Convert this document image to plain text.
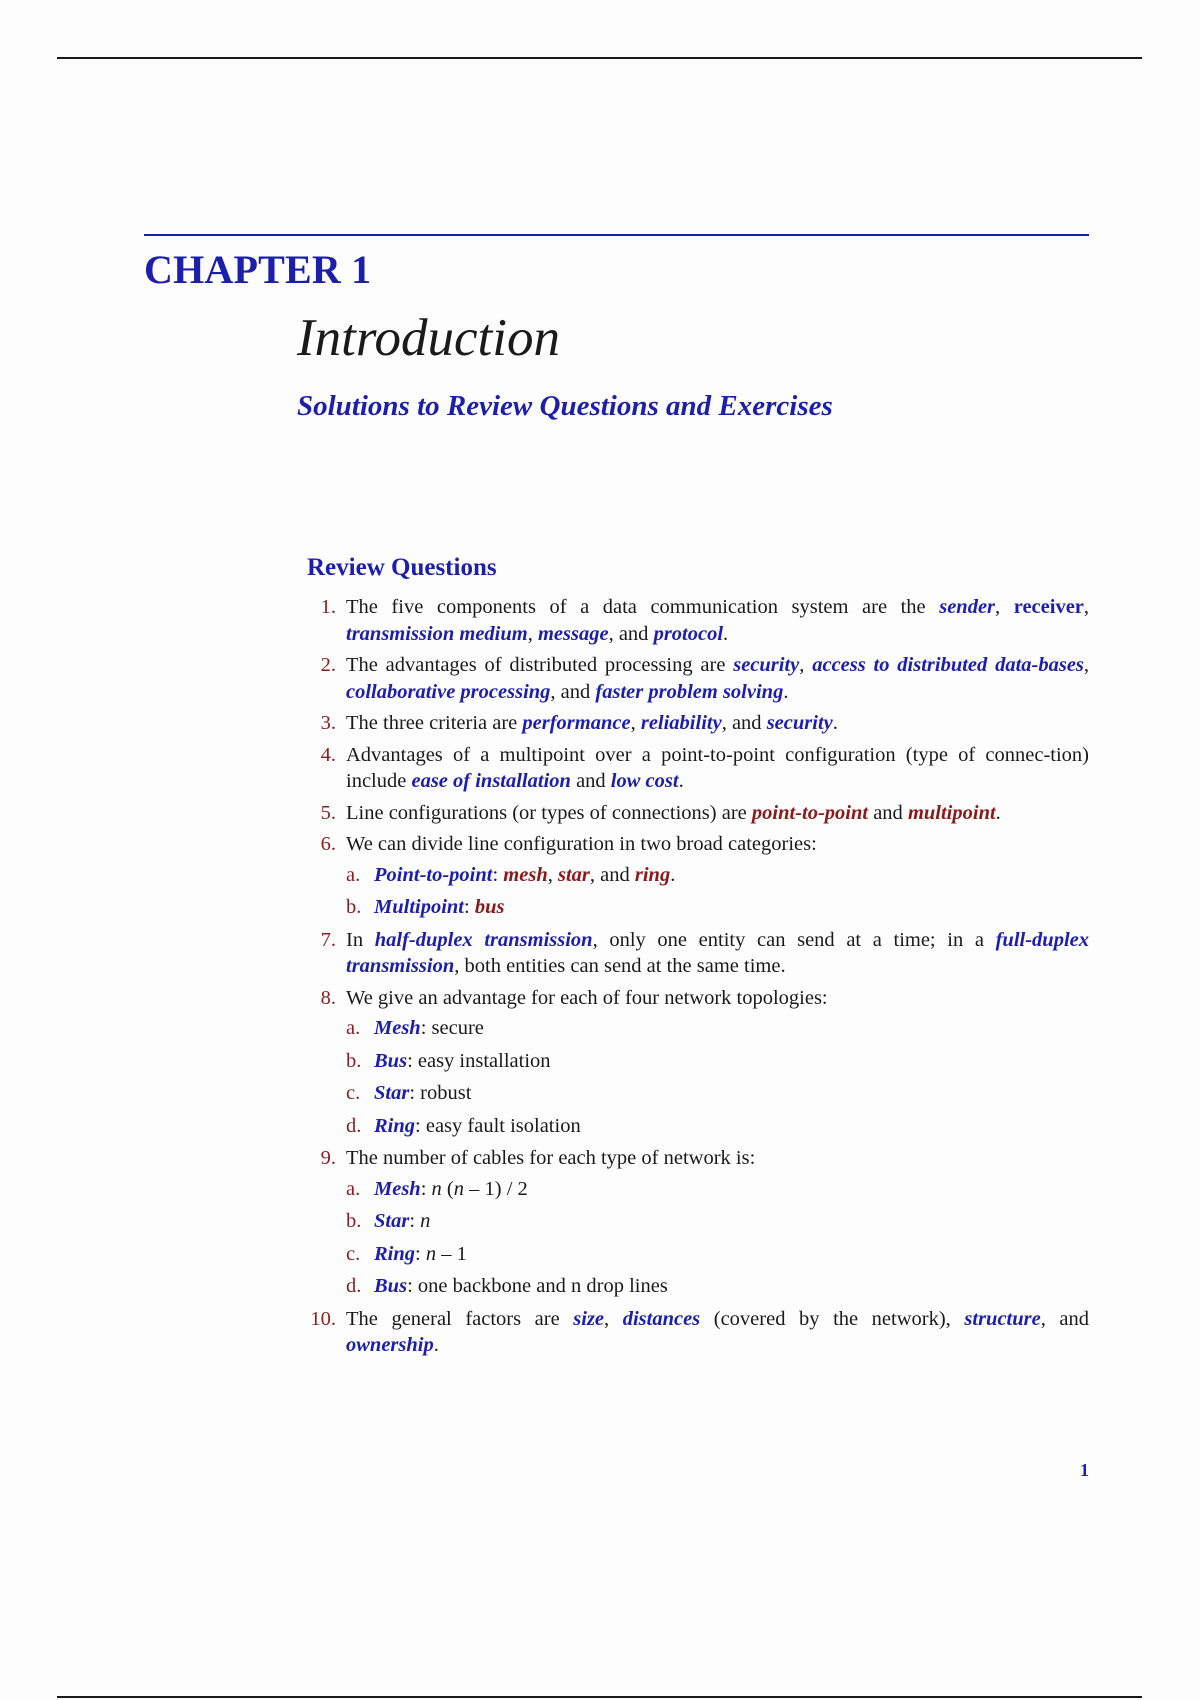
CHAPTER 1
Introduction
Solutions to Review Questions and Exercises
Review Questions
1. The five components of a data communication system are the sender, receiver, transmission medium, message, and protocol.
2. The advantages of distributed processing are security, access to distributed data-bases, collaborative processing, and faster problem solving.
3. The three criteria are performance, reliability, and security.
4. Advantages of a multipoint over a point-to-point configuration (type of connec-tion) include ease of installation and low cost.
5. Line configurations (or types of connections) are point-to-point and multipoint.
6. We can divide line configuration in two broad categories:
a. Point-to-point: mesh, star, and ring.
b. Multipoint: bus
7. In half-duplex transmission, only one entity can send at a time; in a full-duplex transmission, both entities can send at the same time.
8. We give an advantage for each of four network topologies:
a. Mesh: secure
b. Bus: easy installation
c. Star: robust
d. Ring: easy fault isolation
9. The number of cables for each type of network is:
a. Mesh: n (n – 1) / 2
b. Star: n
c. Ring: n – 1
d. Bus: one backbone and n drop lines
10. The general factors are size, distances (covered by the network), structure, and ownership.
1
